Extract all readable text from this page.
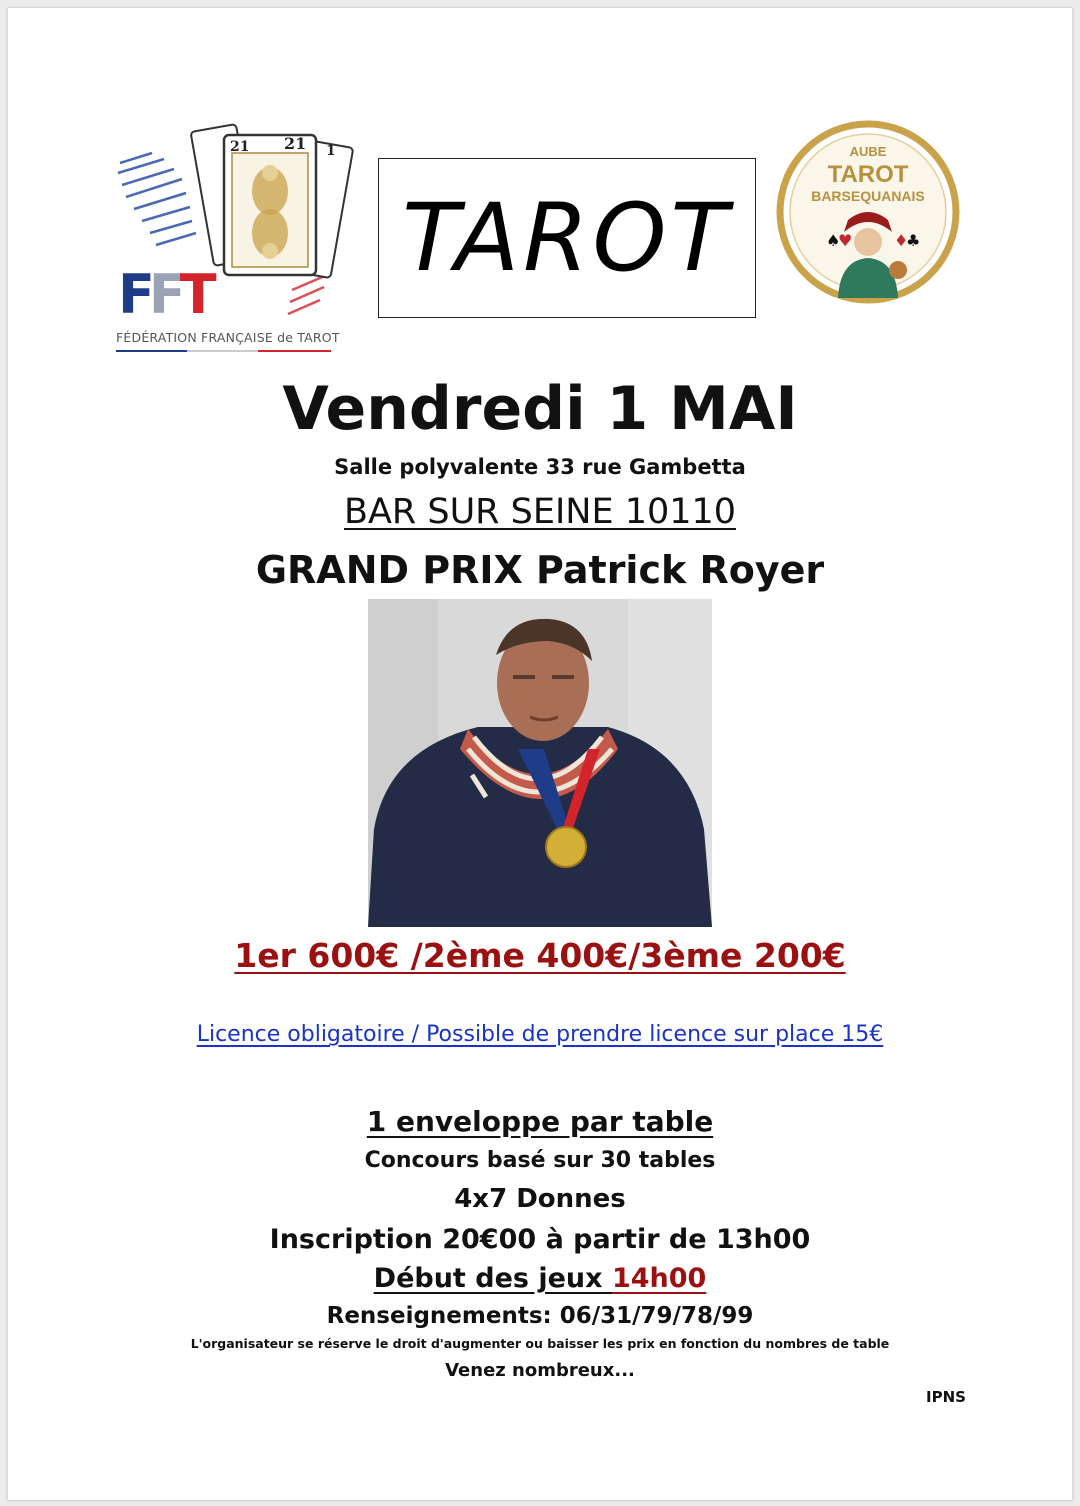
21 21 1
FFT
FÉDÉRATION FRANÇAISE de TAROT
TAROT
AUBE
TAROT
BARSEQUANAIS
♠
♥	♦
♣
Vendredi 1 MAI
Salle polyvalente 33 rue Gambetta
BAR SUR SEINE 10110
GRAND PRIX Patrick Royer
1er 600€ /2ème 400€/3ème 200€
Licence obligatoire / Possible de prendre licence sur place 15€
1 enveloppe par table
Concours basé sur 30 tables
4x7 Donnes
Inscription 20€00 à partir de 13h00
Début des jeux 14h00
Renseignements: 06/31/79/78/99
L'organisateur se réserve le droit d'augmenter ou baisser les prix en fonction du nombres de table
Venez nombreux...
IPNS
